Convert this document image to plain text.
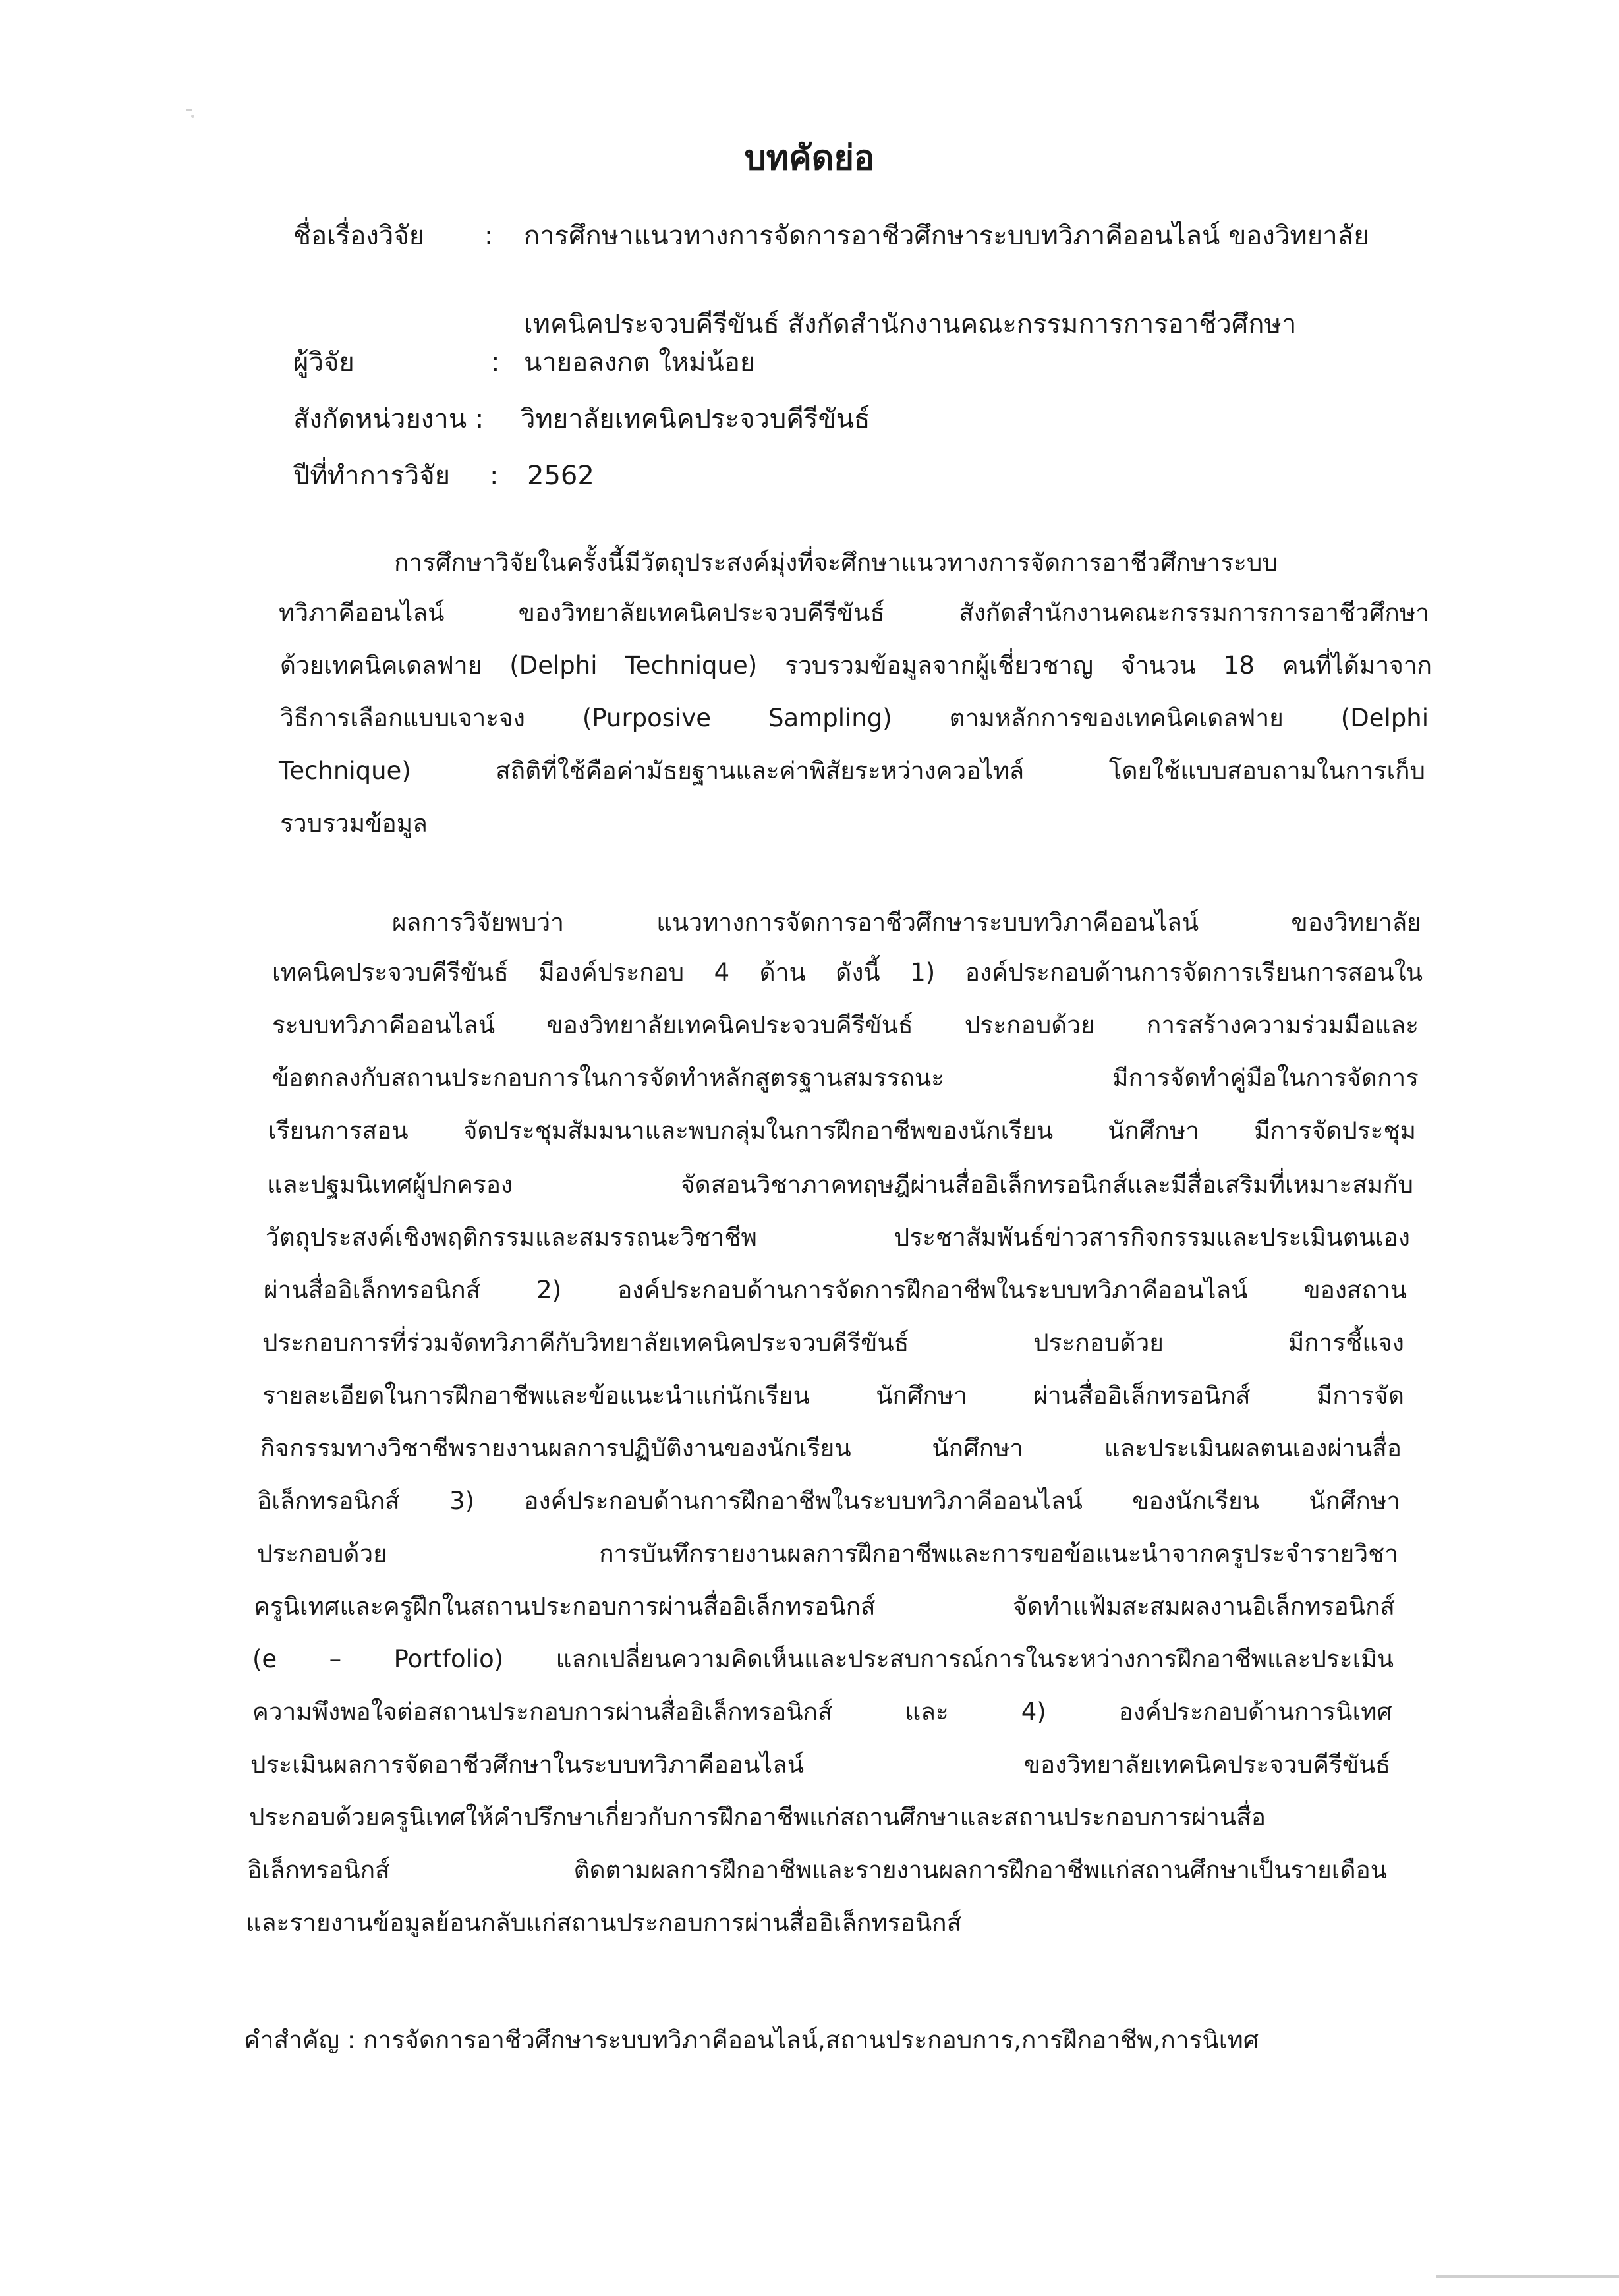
บทคัดย่อ
ชื่อเรื่องวิจัย : การศึกษาแนวทางการจัดการอาชีวศึกษาระบบทวิภาคีออนไลน์ ของวิทยาลัย
เทคนิคประจวบคีรีขันธ์ สังกัดสำนักงานคณะกรรมการการอาชีวศึกษา
ผู้วิจัย	: นายอลงกต ใหม่น้อย
สังกัดหน่วยงาน : วิทยาลัยเทคนิคประจวบคีรีขันธ์
ปีที่ทำการวิจัย : 2562
การศึกษาวิจัยในครั้งนี้มีวัตถุประสงค์มุ่งที่จะศึกษาแนวทางการจัดการอาชีวศึกษาระบบ
ทวิภาคีออนไลน์ ของวิทยาลัยเทคนิคประจวบคีรีขันธ์ สังกัดสำนักงานคณะกรรมการการอาชีวศึกษา
ด้วยเทคนิคเดลฟาย (Delphi Technique) รวบรวมข้อมูลจากผู้เชี่ยวชาญ จำนวน 18 คนที่ได้มาจาก
วิธีการเลือกแบบเจาะจง (Purposive Sampling) ตามหลักการของเทคนิคเดลฟาย (Delphi
Technique) สถิติที่ใช้คือค่ามัธยฐานและค่าพิสัยระหว่างควอไทล์ โดยใช้แบบสอบถามในการเก็บ
รวบรวมข้อมูล
ผลการวิจัยพบว่า แนวทางการจัดการอาชีวศึกษาระบบทวิภาคีออนไลน์ ของวิทยาลัย
เทคนิคประจวบคีรีขันธ์ มีองค์ประกอบ 4 ด้าน ดังนี้ 1) องค์ประกอบด้านการจัดการเรียนการสอนใน
ระบบทวิภาคีออนไลน์ ของวิทยาลัยเทคนิคประจวบคีรีขันธ์ ประกอบด้วย การสร้างความร่วมมือและ
ข้อตกลงกับสถานประกอบการในการจัดทำหลักสูตรฐานสมรรถนะ มีการจัดทำคู่มือในการจัดการ
เรียนการสอน จัดประชุมสัมมนาและพบกลุ่มในการฝึกอาชีพของนักเรียน นักศึกษา มีการจัดประชุม
และปฐมนิเทศผู้ปกครอง จัดสอนวิชาภาคทฤษฎีผ่านสื่ออิเล็กทรอนิกส์และมีสื่อเสริมที่เหมาะสมกับ
วัตถุประสงค์เชิงพฤติกรรมและสมรรถนะวิชาชีพ ประชาสัมพันธ์ข่าวสารกิจกรรมและประเมินตนเอง
ผ่านสื่ออิเล็กทรอนิกส์ 2) องค์ประกอบด้านการจัดการฝึกอาชีพในระบบทวิภาคีออนไลน์ ของสถาน
ประกอบการที่ร่วมจัดทวิภาคีกับวิทยาลัยเทคนิคประจวบคีรีขันธ์ ประกอบด้วย มีการชี้แจง
รายละเอียดในการฝึกอาชีพและข้อแนะนำแก่นักเรียน นักศึกษา ผ่านสื่ออิเล็กทรอนิกส์ มีการจัด
กิจกรรมทางวิชาชีพรายงานผลการปฏิบัติงานของนักเรียน นักศึกษา และประเมินผลตนเองผ่านสื่อ
อิเล็กทรอนิกส์ 3) องค์ประกอบด้านการฝึกอาชีพในระบบทวิภาคีออนไลน์ ของนักเรียน นักศึกษา
ประกอบด้วย การบันทึกรายงานผลการฝึกอาชีพและการขอข้อแนะนำจากครูประจำรายวิชา
ครูนิเทศและครูฝึกในสถานประกอบการผ่านสื่ออิเล็กทรอนิกส์ จัดทำแฟ้มสะสมผลงานอิเล็กทรอนิกส์
(e – Portfolio) แลกเปลี่ยนความคิดเห็นและประสบการณ์การในระหว่างการฝึกอาชีพและประเมิน
ความพึงพอใจต่อสถานประกอบการผ่านสื่ออิเล็กทรอนิกส์ และ 4) องค์ประกอบด้านการนิเทศ
ประเมินผลการจัดอาชีวศึกษาในระบบทวิภาคีออนไลน์ ของวิทยาลัยเทคนิคประจวบคีรีขันธ์
ประกอบด้วยครูนิเทศให้คำปรึกษาเกี่ยวกับการฝึกอาชีพแก่สถานศึกษาและสถานประกอบการผ่านสื่อ
อิเล็กทรอนิกส์ ติดตามผลการฝึกอาชีพและรายงานผลการฝึกอาชีพแก่สถานศึกษาเป็นรายเดือน
และรายงานข้อมูลย้อนกลับแก่สถานประกอบการผ่านสื่ออิเล็กทรอนิกส์
คำสำคัญ : การจัดการอาชีวศึกษาระบบทวิภาคีออนไลน์,สถานประกอบการ,การฝึกอาชีพ,การนิเทศ
